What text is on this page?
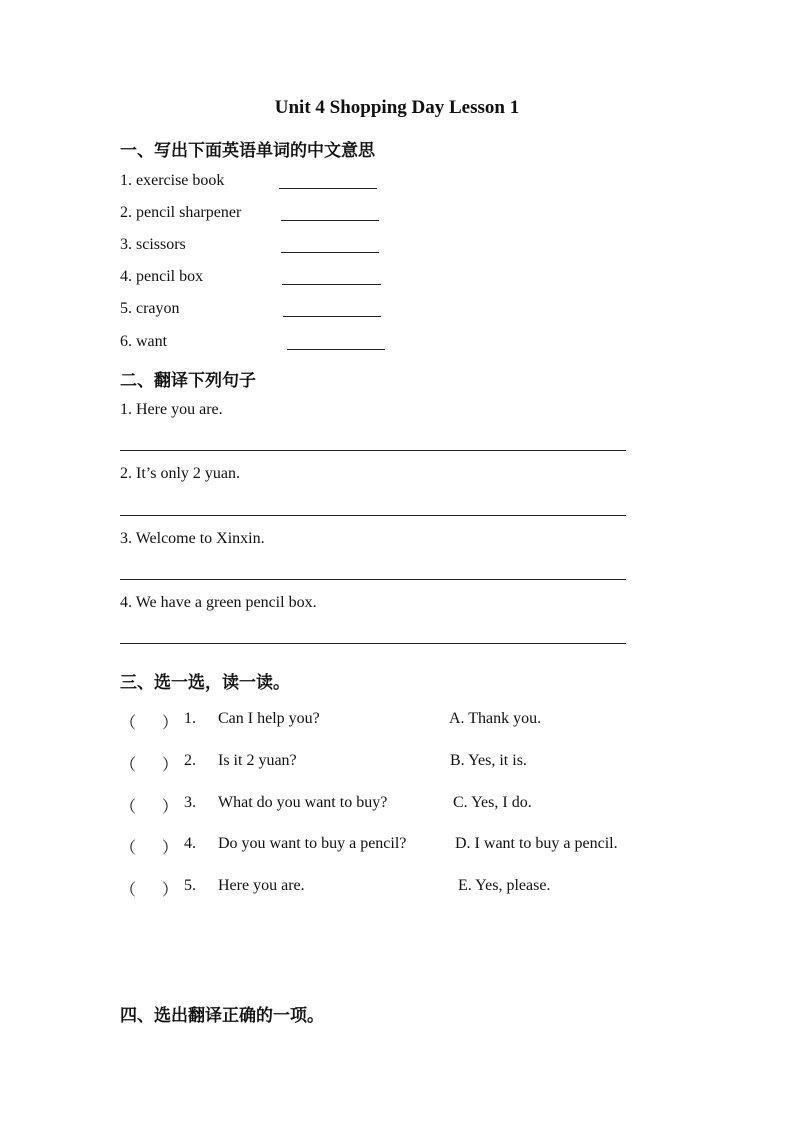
Unit 4 Shopping Day Lesson 1
一、写出下面英语单词的中文意思
1. exercise book
2. pencil sharpener
3. scissors
4. pencil box
5. crayon
6. want
二、翻译下列句子
1. Here you are.
2. It’s only 2 yuan.
3. Welcome to Xinxin.
4. We have a green pencil box.
三、选一选，读一读。
（ ） 1. Can I help you?	A. Thank you.
（ ） 2. Is it 2 yuan?	B. Yes, it is.
（ ） 3. What do you want to buy?	C. Yes, I do.
（ ） 4. Do you want to buy a pencil?	D. I want to buy a pencil.
（ ） 5. Here you are.	E. Yes, please.
四、选出翻译正确的一项。
